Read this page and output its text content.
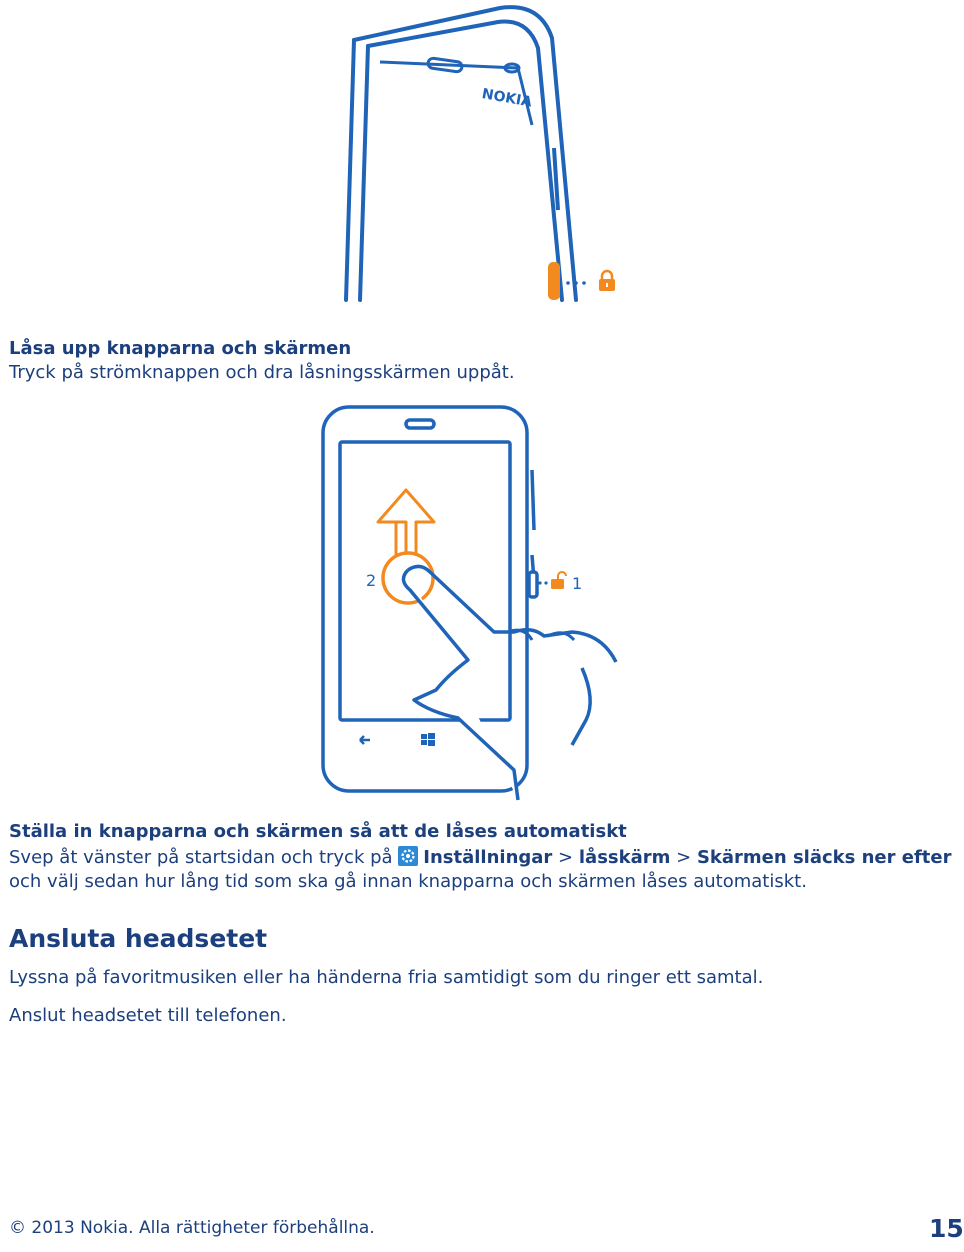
NOKIA
Låsa upp knapparna och skärmen
Tryck på strömknappen och dra låsningsskärmen uppåt.
2	1
Ställa in knapparna och skärmen så att de låses automatiskt
Svep åt vänster på startsidan och tryck på Inställningar > låsskärm > Skärmen släcks ner efter
och välj sedan hur lång tid som ska gå innan knapparna och skärmen låses automatiskt.
Ansluta headsetet
Lyssna på favoritmusiken eller ha händerna fria samtidigt som du ringer ett samtal.
Anslut headsetet till telefonen.
© 2013 Nokia. Alla rättigheter förbehållna.	15
